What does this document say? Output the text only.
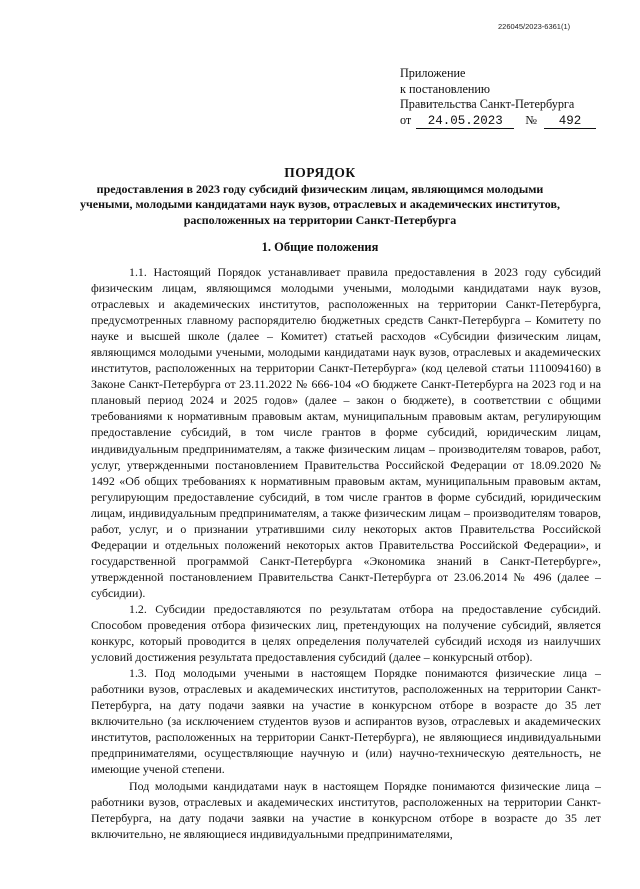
226045/2023-6361(1)
Приложение
к постановлению
Правительства Санкт-Петербурга
от 24.05.2023 № 492
ПОРЯДОК
предоставления в 2023 году субсидий физическим лицам, являющимся молодыми учеными, молодыми кандидатами наук вузов, отраслевых и академических институтов, расположенных на территории Санкт-Петербурга
1. Общие положения

1.1. Настоящий Порядок устанавливает правила предоставления в 2023 году субсидий физическим лицам, являющимся молодыми учеными, молодыми кандидатами наук вузов, отраслевых и академических институтов, расположенных на территории Санкт-Петербурга, предусмотренных главному распорядителю бюджетных средств Санкт-Петербурга – Комитету по науке и высшей школе (далее – Комитет) статьей расходов «Субсидии физическим лицам, являющимся молодыми учеными, молодыми кандидатами наук вузов, отраслевых и академических институтов, расположенных на территории Санкт-Петербурга» (код целевой статьи 1110094160) в Законе Санкт-Петербурга от 23.11.2022 № 666-104 «О бюджете Санкт-Петербурга на 2023 год и на плановый период 2024 и 2025 годов» (далее – закон о бюджете), в соответствии с общими требованиями к нормативным правовым актам, муниципальным правовым актам, регулирующим предоставление субсидий, в том числе грантов в форме субсидий, юридическим лицам, индивидуальным предпринимателям, а также физическим лицам – производителям товаров, работ, услуг, утвержденными постановлением Правительства Российской Федерации от 18.09.2020 № 1492 «Об общих требованиях к нормативным правовым актам, муниципальным правовым актам, регулирующим предоставление субсидий, в том числе грантов в форме субсидий, юридическим лицам, индивидуальным предпринимателям, а также физическим лицам – производителям товаров, работ, услуг, и о признании утратившими силу некоторых актов Правительства Российской Федерации и отдельных положений некоторых актов Правительства Российской Федерации», и государственной программой Санкт-Петербурга «Экономика знаний в Санкт-Петербурге», утвержденной постановлением Правительства Санкт-Петербурга от 23.06.2014 № 496 (далее – субсидии).

1.2. Субсидии предоставляются по результатам отбора на предоставление субсидий. Способом проведения отбора физических лиц, претендующих на получение субсидий, является конкурс, который проводится в целях определения получателей субсидий исходя из наилучших условий достижения результата предоставления субсидий (далее – конкурсный отбор).

1.3. Под молодыми учеными в настоящем Порядке понимаются физические лица – работники вузов, отраслевых и академических институтов, расположенных на территории Санкт-Петербурга, на дату подачи заявки на участие в конкурсном отборе в возрасте до 35 лет включительно (за исключением студентов вузов и аспирантов вузов, отраслевых и академических институтов, расположенных на территории Санкт-Петербурга), не являющиеся индивидуальными предпринимателями, осуществляющие научную и (или) научно-техническую деятельность, не имеющие ученой степени.

Под молодыми кандидатами наук в настоящем Порядке понимаются физические лица – работники вузов, отраслевых и академических институтов, расположенных на территории Санкт-Петербурга, на дату подачи заявки на участие в конкурсном отборе в возрасте до 35 лет включительно, не являющиеся индивидуальными предпринимателями,
